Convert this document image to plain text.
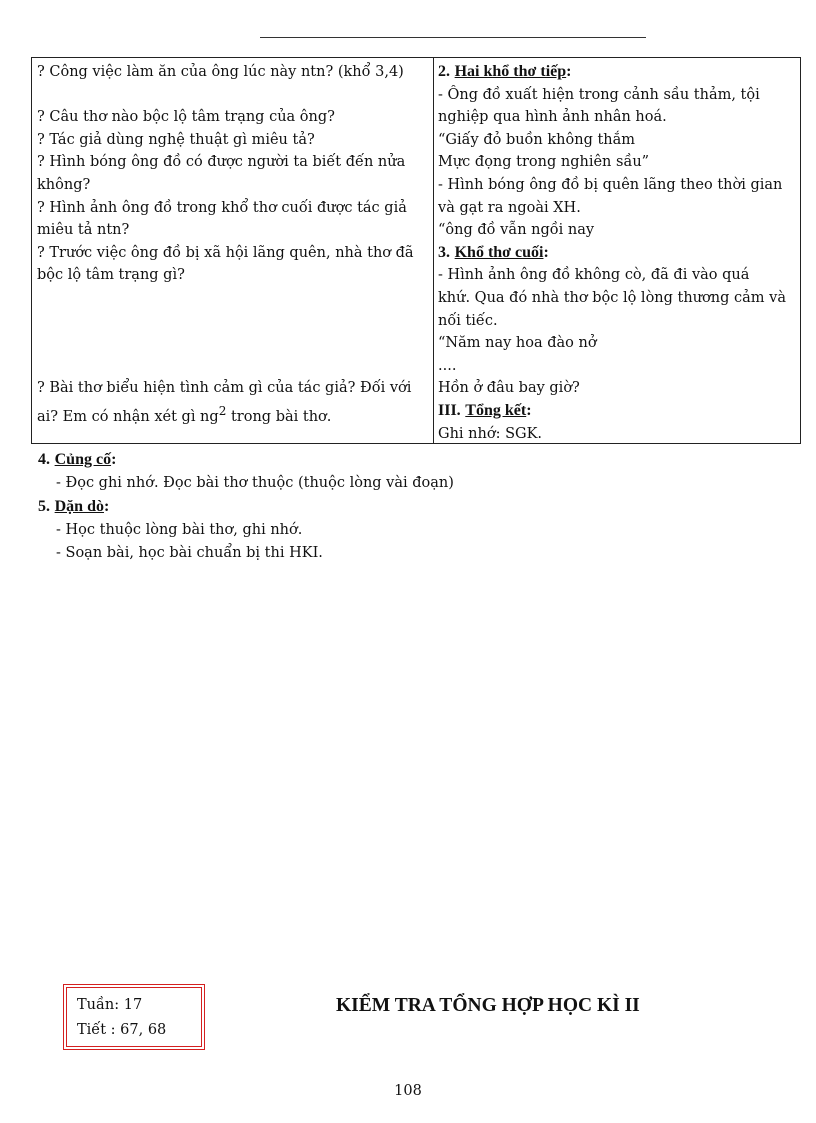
? Công việc làm ăn của ông lúc này ntn? (khổ 3,4)
? Câu thơ nào bộc lộ tâm trạng của ông?
? Tác giả dùng nghệ thuật gì miêu tả?
? Hình bóng ông đồ có được người ta biết đến nửa
không?
? Hình ảnh ông đồ trong khổ thơ cuối được tác giả
miêu tả ntn?
? Trước việc ông đồ bị xã hội lãng quên, nhà thơ đã
bộc lộ tâm trạng gì?
? Bài thơ biểu hiện tình cảm gì của tác giả? Đối với
ai? Em có nhận xét gì $ng^2$ trong bài thơ.
2. Hai khổ thơ tiếp:
- Ông đồ xuất hiện trong cảnh sầu thảm, tội
nghiệp qua hình ảnh nhân hoá.
“Giấy đỏ buồn không thắm
Mực đọng trong nghiên sầu”
- Hình bóng ông đồ bị quên lãng theo thời gian
và gạt ra ngoài XH.
“ông đồ vẫn ngồi nay
3. Khổ thơ cuối:
- Hình ảnh ông đồ không cò, đã đi vào quá
khứ. Qua đó nhà thơ bộc lộ lòng thương cảm và
nối tiếc.
“Năm nay hoa đào nở
....
Hồn ở đâu bay giờ?
III. Tổng kết:
Ghi nhớ: SGK.
4. Củng cố:
- Đọc ghi nhớ. Đọc bài thơ thuộc (thuộc lòng vài đoạn)
5. Dặn dò:
- Học thuộc lòng bài thơ, ghi nhớ.
- Soạn bài, học bài chuẩn bị thi HKI.
Tuần: 17
Tiết : 67, 68
KIỂM TRA TỔNG HỢP HỌC KÌ II
108
